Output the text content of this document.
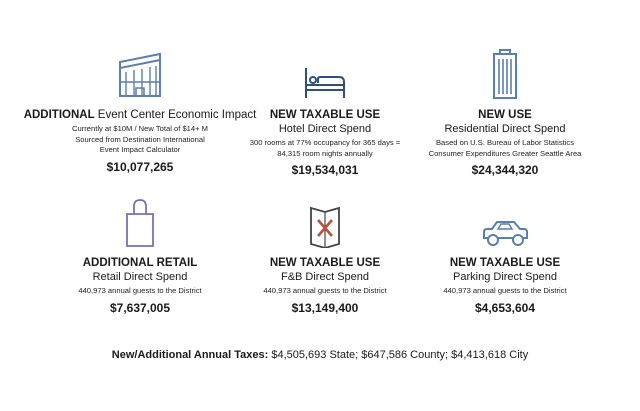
ADDITIONAL Event Center Economic Impact
Currently at $10M / New Total of $14+ M
Sourced from Destination International
Event Impact Calculator
$10,077,265
NEW TAXABLE USE
Hotel Direct Spend
300 rooms at 77% occupancy for 365 days =
84,315 room nights annually
$19,534,031
NEW USE
Residential Direct Spend
Based on U.S. Bureau of Labor Statistics
Consumer Expenditures Greater Seattle Area
$24,344,320
ADDITIONAL RETAIL
Retail Direct Spend
440,973 annual guests to the District
$7,637,005
NEW TAXABLE USE
F&B Direct Spend
440,973 annual guests to the District
$13,149,400
NEW TAXABLE USE
Parking Direct Spend
440,973 annual guests to the District
$4,653,604
New/Additional Annual Taxes: $4,505,693 State; $647,586 County; $4,413,618 City
